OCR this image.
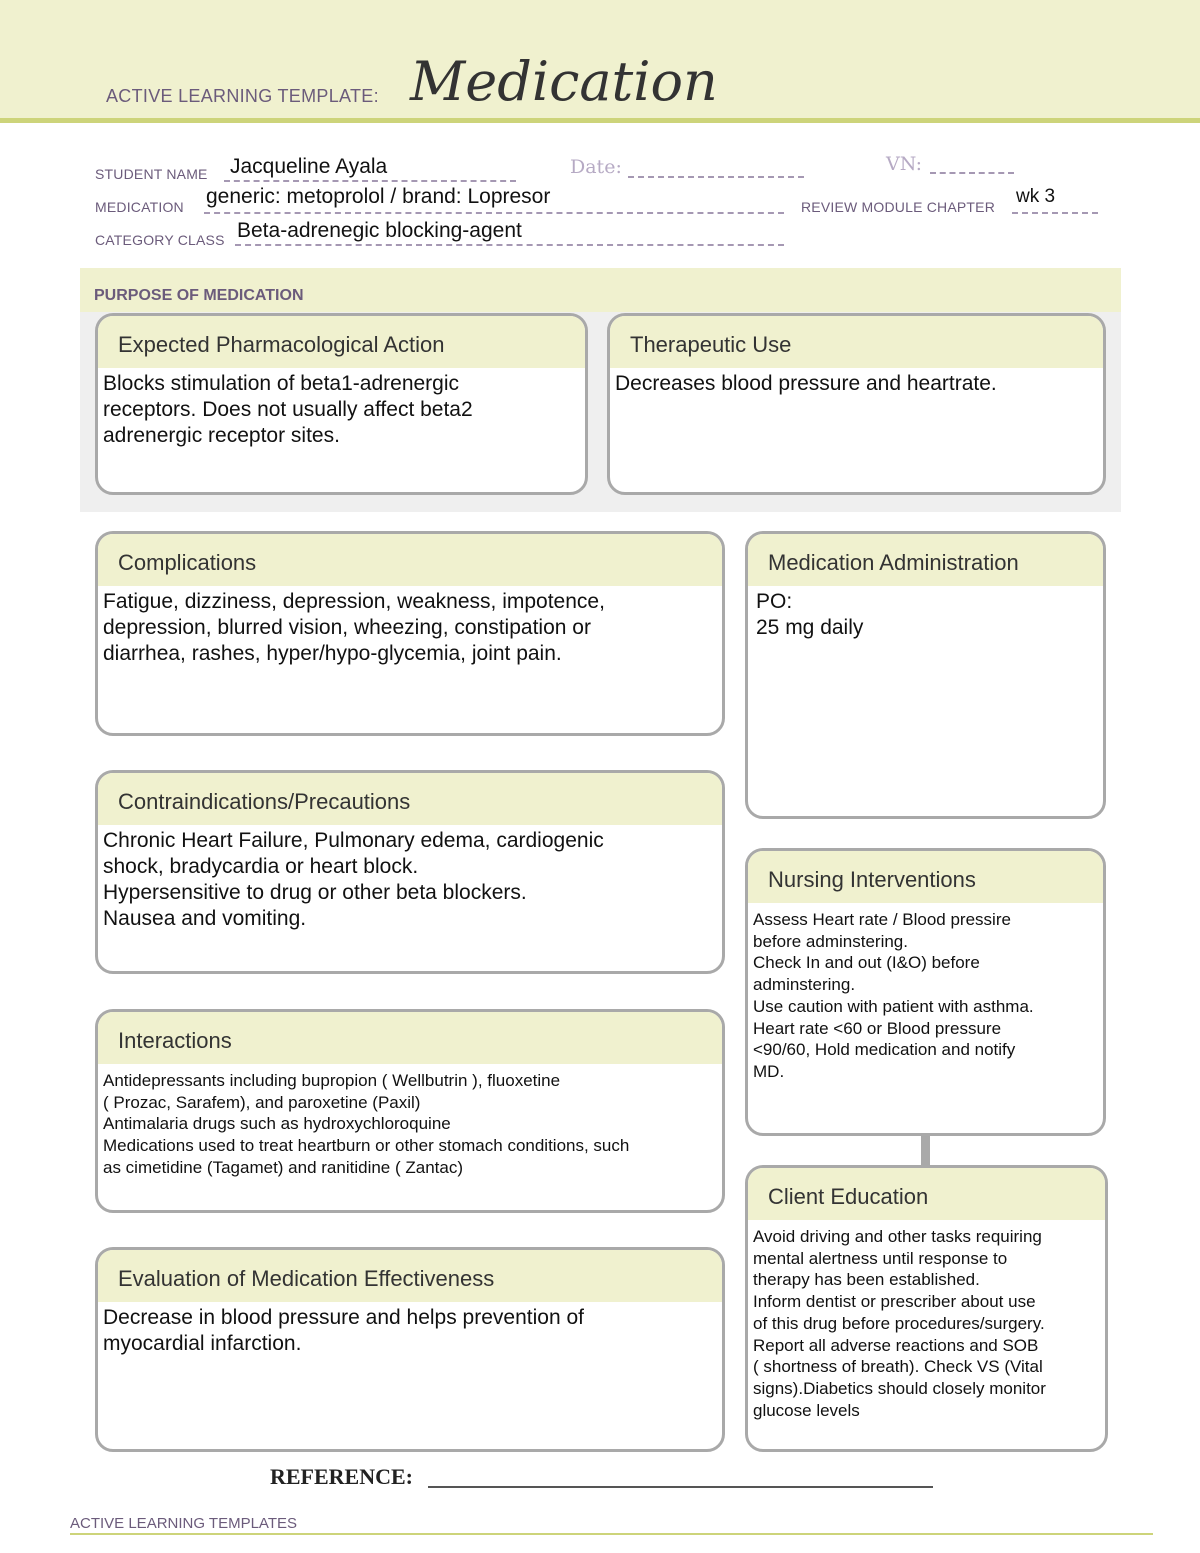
ACTIVE LEARNING TEMPLATE: Medication
STUDENT NAME Jacqueline Ayala	Date:	VN:
MEDICATION generic: metoprolol / brand: Lopresor	REVIEW MODULE CHAPTER wk 3
CATEGORY CLASS Beta-adrenegic blocking-agent
PURPOSE OF MEDICATION
Expected Pharmacological Action
Blocks stimulation of beta1-adrenergic
receptors. Does not usually affect beta2
adrenergic receptor sites.
Therapeutic Use
Decreases blood pressure and heartrate.
Complications
Fatigue, dizziness, depression, weakness, impotence,
depression, blurred vision, wheezing, constipation or
diarrhea, rashes, hyper/hypo-glycemia, joint pain.
Medication Administration
PO:
25 mg daily
Contraindications/Precautions
Chronic Heart Failure, Pulmonary edema, cardiogenic
shock, bradycardia or heart block.
Hypersensitive to drug or other beta blockers.
Nausea and vomiting.
Nursing Interventions
Assess Heart rate / Blood pressire
before adminstering.
Check In and out (I&O) before
adminstering.
Use caution with patient with asthma.
Heart rate <60 or Blood pressure
<90/60, Hold medication and notify
MD.
Interactions
Antidepressants including bupropion ( Wellbutrin ), fluoxetine
( Prozac, Sarafem), and paroxetine (Paxil)
Antimalaria drugs such as hydroxychloroquine
Medications used to treat heartburn or other stomach conditions, such
as cimetidine (Tagamet) and ranitidine ( Zantac)
Client Education
Avoid driving and other tasks requiring
mental alertness until response to
therapy has been established.
Inform dentist or prescriber about use
of this drug before procedures/surgery.
Report all adverse reactions and SOB
( shortness of breath). Check VS (Vital
signs).Diabetics should closely monitor
glucose levels
Evaluation of Medication Effectiveness
Decrease in blood pressure and helps prevention of
myocardial infarction.
REFERENCE:
ACTIVE LEARNING TEMPLATES
